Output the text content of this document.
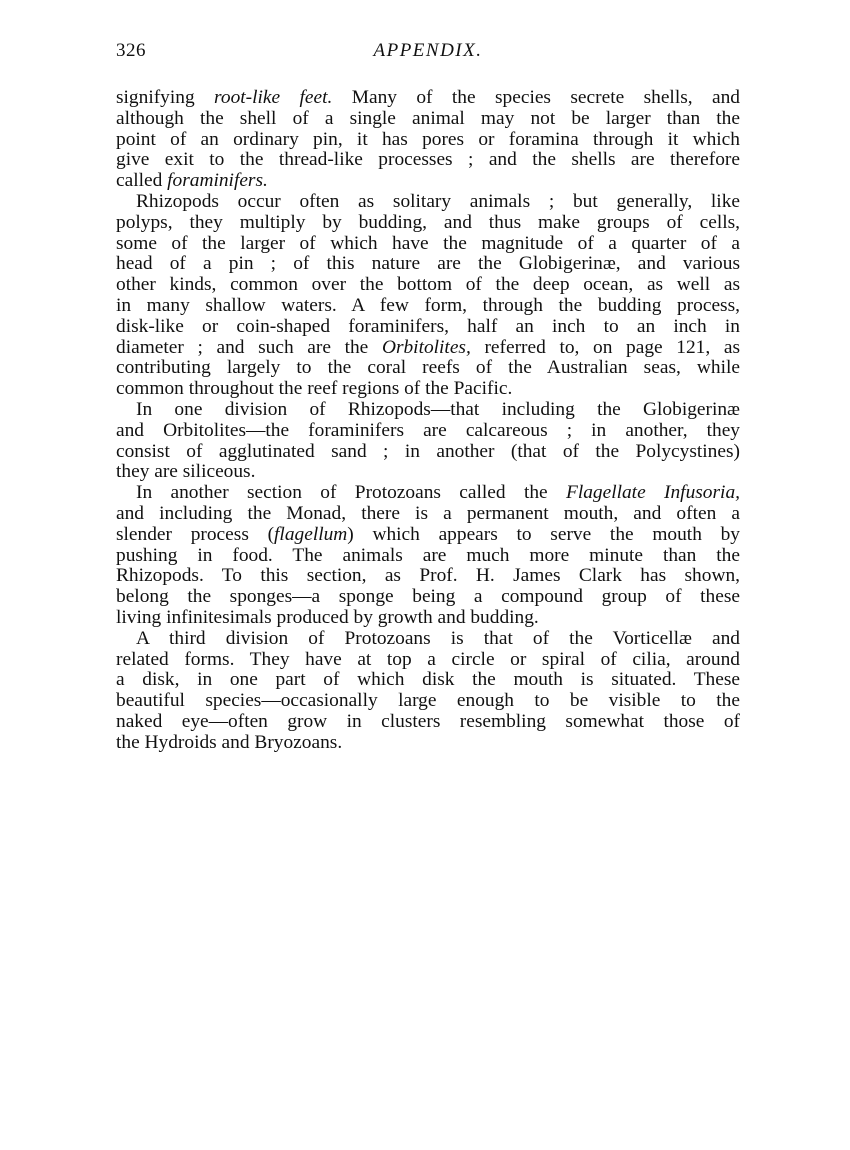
326	APPENDIX.
signifying root-like feet. Many of the species secrete shells, and
although the shell of a single animal may not be larger than the
point of an ordinary pin, it has pores or foramina through it which
give exit to the thread-like processes ; and the shells are therefore
called foraminifers.
Rhizopods occur often as solitary animals ; but generally, like
polyps, they multiply by budding, and thus make groups of cells,
some of the larger of which have the magnitude of a quarter of a
head of a pin ; of this nature are the Globigerinæ, and various
other kinds, common over the bottom of the deep ocean, as well as
in many shallow waters. A few form, through the budding process,
disk-like or coin-shaped foraminifers, half an inch to an inch in
diameter ; and such are the Orbitolites, referred to, on page 121, as
contributing largely to the coral reefs of the Australian seas, while
common throughout the reef regions of the Pacific.
In one division of Rhizopods—that including the Globigerinæ
and Orbitolites—the foraminifers are calcareous ; in another, they
consist of agglutinated sand ; in another (that of the Polycystines)
they are siliceous.
In another section of Protozoans called the Flagellate Infusoria,
and including the Monad, there is a permanent mouth, and often a
slender process (flagellum) which appears to serve the mouth by
pushing in food. The animals are much more minute than the
Rhizopods. To this section, as Prof. H. James Clark has shown,
belong the sponges—a sponge being a compound group of these
living infinitesimals produced by growth and budding.
A third division of Protozoans is that of the Vorticellæ and
related forms. They have at top a circle or spiral of cilia, around
a disk, in one part of which disk the mouth is situated. These
beautiful species—occasionally large enough to be visible to the
naked eye—often grow in clusters resembling somewhat those of
the Hydroids and Bryozoans.
